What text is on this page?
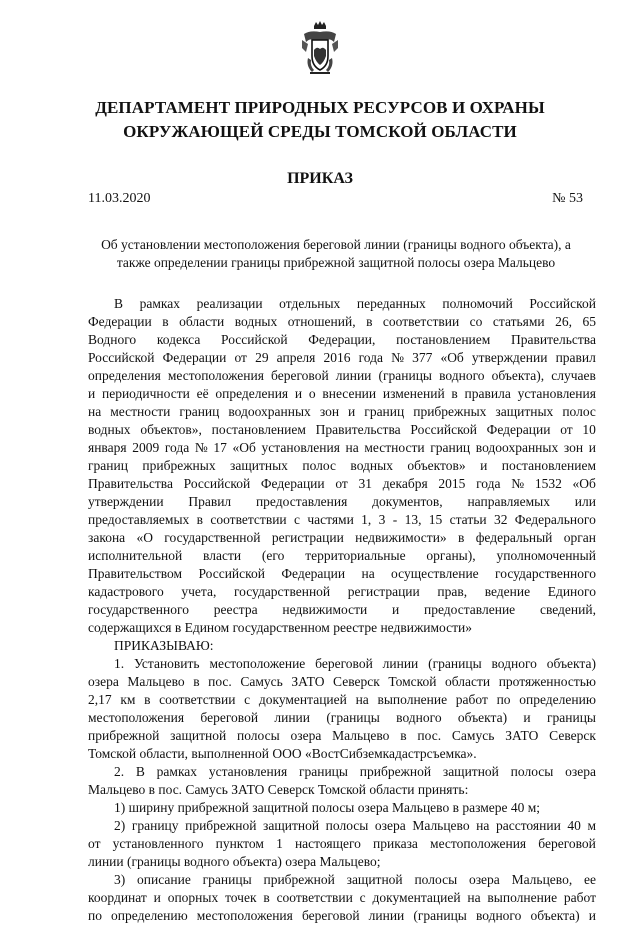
ДЕПАРТАМЕНТ ПРИРОДНЫХ РЕСУРСОВ И ОХРАНЫ
ОКРУЖАЮЩЕЙ СРЕДЫ ТОМСКОЙ ОБЛАСТИ
ПРИКАЗ
11.03.2020	№ 53
Об установлении местоположения береговой линии (границы водного объекта), а
также определении границы прибрежной защитной полосы озера Мальцево
В рамках реализации отдельных переданных полномочий Российской
Федерации в области водных отношений, в соответствии со статьями 26, 65
Водного кодекса Российской Федерации, постановлением Правительства
Российской Федерации от 29 апреля 2016 года № 377 «Об утверждении правил
определения местоположения береговой линии (границы водного объекта), случаев
и периодичности её определения и о внесении изменений в правила установления
на местности границ водоохранных зон и границ прибрежных защитных полос
водных объектов», постановлением Правительства Российской Федерации от 10
января 2009 года № 17 «Об установления на местности границ водоохранных зон и
границ прибрежных защитных полос водных объектов» и постановлением
Правительства Российской Федерации от 31 декабря 2015 года № 1532 «Об
утверждении Правил предоставления документов, направляемых или
предоставляемых в соответствии с частями 1, 3 - 13, 15 статьи 32 Федерального
закона «О государственной регистрации недвижимости» в федеральный орган
исполнительной власти (его территориальные органы), уполномоченный
Правительством Российской Федерации на осуществление государственного
кадастрового учета, государственной регистрации прав, ведение Единого
государственного реестра недвижимости и предоставление сведений,
содержащихся в Едином государственном реестре недвижимости»
ПРИКАЗЫВАЮ:
1. Установить местоположение береговой линии (границы водного объекта)
озера Мальцево в пос. Самусь ЗАТО Северск Томской области протяженностью
2,17 км в соответствии с документацией на выполнение работ по определению
местоположения береговой линии (границы водного объекта) и границы
прибрежной защитной полосы озера Мальцево в пос. Самусь ЗАТО Северск
Томской области, выполненной ООО «ВостСибземкадастрсъемка».
2. В рамках установления границы прибрежной защитной полосы озера
Мальцево в пос. Самусь ЗАТО Северск Томской области принять:
1) ширину прибрежной защитной полосы озера Мальцево в размере 40 м;
2) границу прибрежной защитной полосы озера Мальцево на расстоянии 40 м
от установленного пунктом 1 настоящего приказа местоположения береговой
линии (границы водного объекта) озера Мальцево;
3) описание границы прибрежной защитной полосы озера Мальцево, ее
координат и опорных точек в соответствии с документацией на выполнение работ
по определению местоположения береговой линии (границы водного объекта) и
